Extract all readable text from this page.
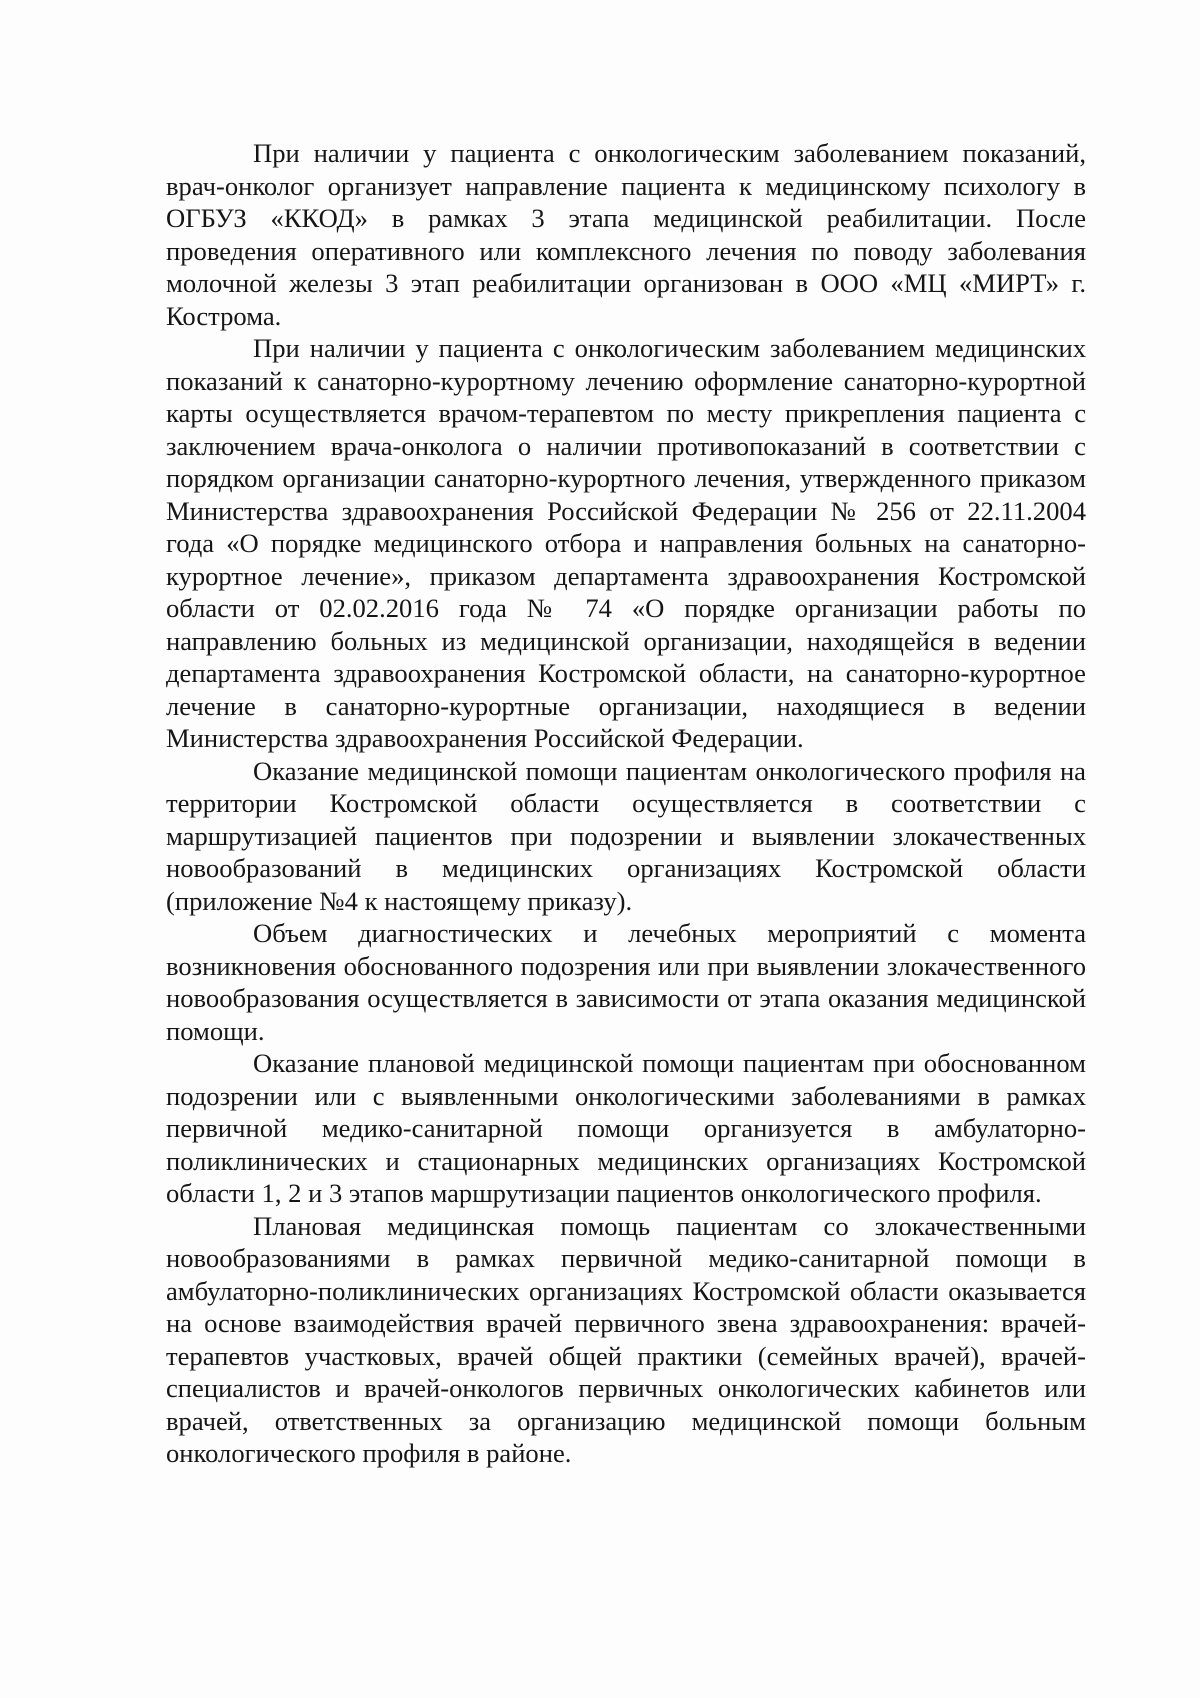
При наличии у пациента с онкологическим заболеванием показаний, врач-онколог организует направление пациента к медицинскому психологу в ОГБУЗ «ККОД» в рамках 3 этапа медицинской реабилитации. После проведения оперативного или комплексного лечения по поводу заболевания молочной железы 3 этап реабилитации организован в ООО «МЦ «МИРТ» г. Кострома.

При наличии у пациента с онкологическим заболеванием медицинских показаний к санаторно-курортному лечению оформление санаторно-курортной карты осуществляется врачом-терапевтом по месту прикрепления пациента с заключением врача-онколога о наличии противопоказаний в соответствии с порядком организации санаторно-курортного лечения, утвержденного приказом Министерства здравоохранения Российской Федерации № 256 от 22.11.2004 года «О порядке медицинского отбора и направления больных на санаторно-курортное лечение», приказом департамента здравоохранения Костромской области от 02.02.2016 года № 74 «О порядке организации работы по направлению больных из медицинской организации, находящейся в ведении департамента здравоохранения Костромской области, на санаторно-курортное лечение в санаторно-курортные организации, находящиеся в ведении Министерства здравоохранения Российской Федерации.

Оказание медицинской помощи пациентам онкологического профиля на территории Костромской области осуществляется в соответствии с маршрутизацией пациентов при подозрении и выявлении злокачественных новообразований в медицинских организациях Костромской области (приложение №4 к настоящему приказу).

Объем диагностических и лечебных мероприятий с момента возникновения обоснованного подозрения или при выявлении злокачественного новообразования осуществляется в зависимости от этапа оказания медицинской помощи.

Оказание плановой медицинской помощи пациентам при обоснованном подозрении или с выявленными онкологическими заболеваниями в рамках первичной медико-санитарной помощи организуется в амбулаторно-поликлинических и стационарных медицинских организациях Костромской области 1, 2 и 3 этапов маршрутизации пациентов онкологического профиля.

Плановая медицинская помощь пациентам со злокачественными новообразованиями в рамках первичной медико-санитарной помощи в амбулаторно-поликлинических организациях Костромской области оказывается на основе взаимодействия врачей первичного звена здравоохранения: врачей-терапевтов участковых, врачей общей практики (семейных врачей), врачей-специалистов и врачей-онкологов первичных онкологических кабинетов или врачей, ответственных за организацию медицинской помощи больным онкологического профиля в районе.
